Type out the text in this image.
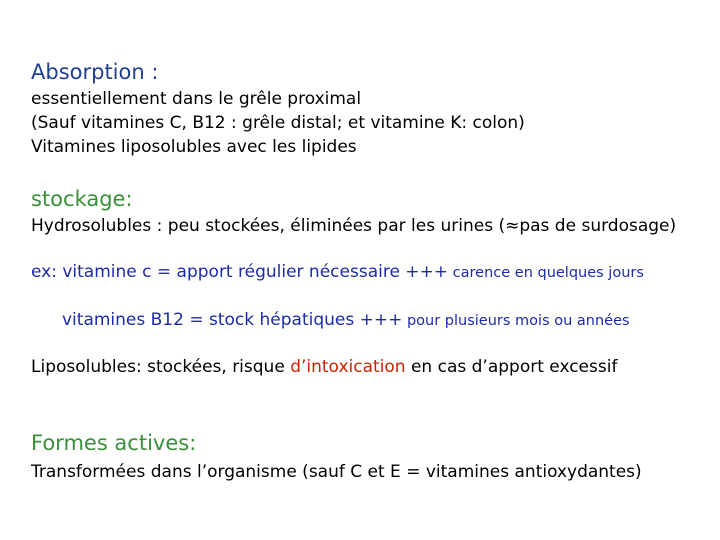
Absorption :
essentiellement dans le grêle proximal
(Sauf vitamines C, B12 : grêle distal; et vitamine K: colon)
Vitamines liposolubles avec les lipides
stockage:
Hydrosolubles : peu stockées, éliminées par les urines (≈pas de surdosage)
ex: vitamine c = apport régulier nécessaire +++ carence en quelques jours
vitamines B12 = stock hépatiques +++ pour plusieurs mois ou années
Liposolubles: stockées, risque d’intoxication en cas d’apport excessif
Formes actives:
Transformées dans l’organisme (sauf C et E = vitamines antioxydantes)
